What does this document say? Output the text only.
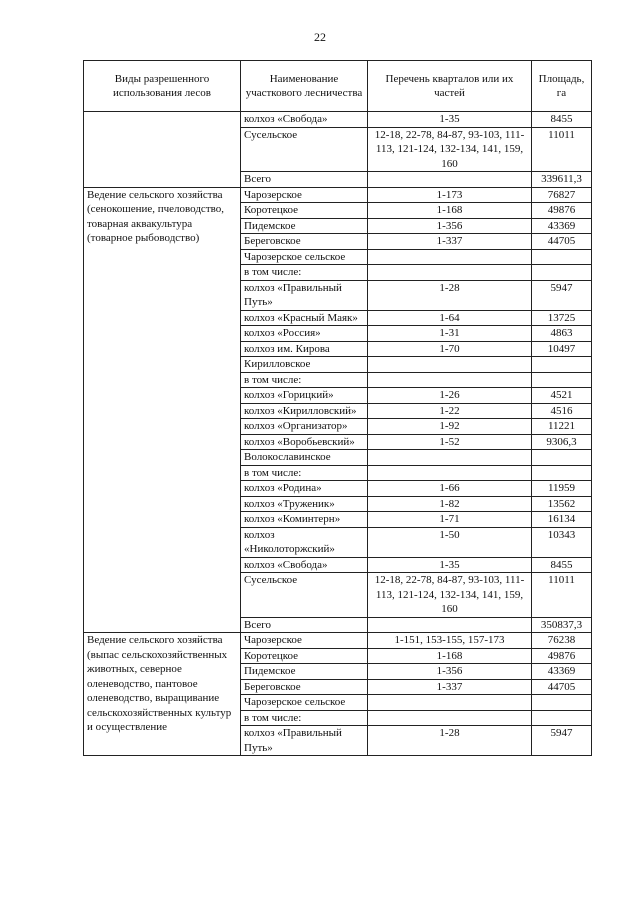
22
Виды разрешенного использования лесов	Наименование участкового лесничества	Перечень кварталов или их частей	Площадь, га
	колхоз «Свобода»	1-35	8455
	Сусельское	12-18, 22-78, 84-87, 93-103, 111-113, 121-124, 132-134, 141, 159, 160	11011
	Всего		339611,3
Ведение сельского хозяйства (сенокошение, пчеловодство, товарная аквакультура (товарное рыбоводство)	Чарозерское	1-173	76827
	Коротецкое	1-168	49876
	Пидемское	1-356	43369
	Береговское	1-337	44705
	Чарозерское сельское		
	в том числе:		
	колхоз «Правильный Путь»	1-28	5947
	колхоз «Красный Маяк»	1-64	13725
	колхоз «Россия»	1-31	4863
	колхоз им. Кирова	1-70	10497
	Кирилловское		
	в том числе:		
	колхоз «Горицкий»	1-26	4521
	колхоз «Кирилловский»	1-22	4516
	колхоз «Организатор»	1-92	11221
	колхоз «Воробьевский»	1-52	9306,3
	Волокославинское		
	в том числе:		
	колхоз «Родина»	1-66	11959
	колхоз «Труженик»	1-82	13562
	колхоз «Коминтерн»	1-71	16134
	колхоз «Николоторжский»	1-50	10343
	колхоз «Свобода»	1-35	8455
	Сусельское	12-18, 22-78, 84-87, 93-103, 111-113, 121-124, 132-134, 141, 159, 160	11011
	Всего		350837,3
Ведение сельского хозяйства (выпас сельскохозяйственных животных, северное оленеводство, пантовое оленеводство, выращивание сельскохозяйственных культур и осуществление	Чарозерское	1-151, 153-155, 157-173	76238
	Коротецкое	1-168	49876
	Пидемское	1-356	43369
	Береговское	1-337	44705
	Чарозерское сельское		
	в том числе:		
	колхоз «Правильный Путь»	1-28	5947
